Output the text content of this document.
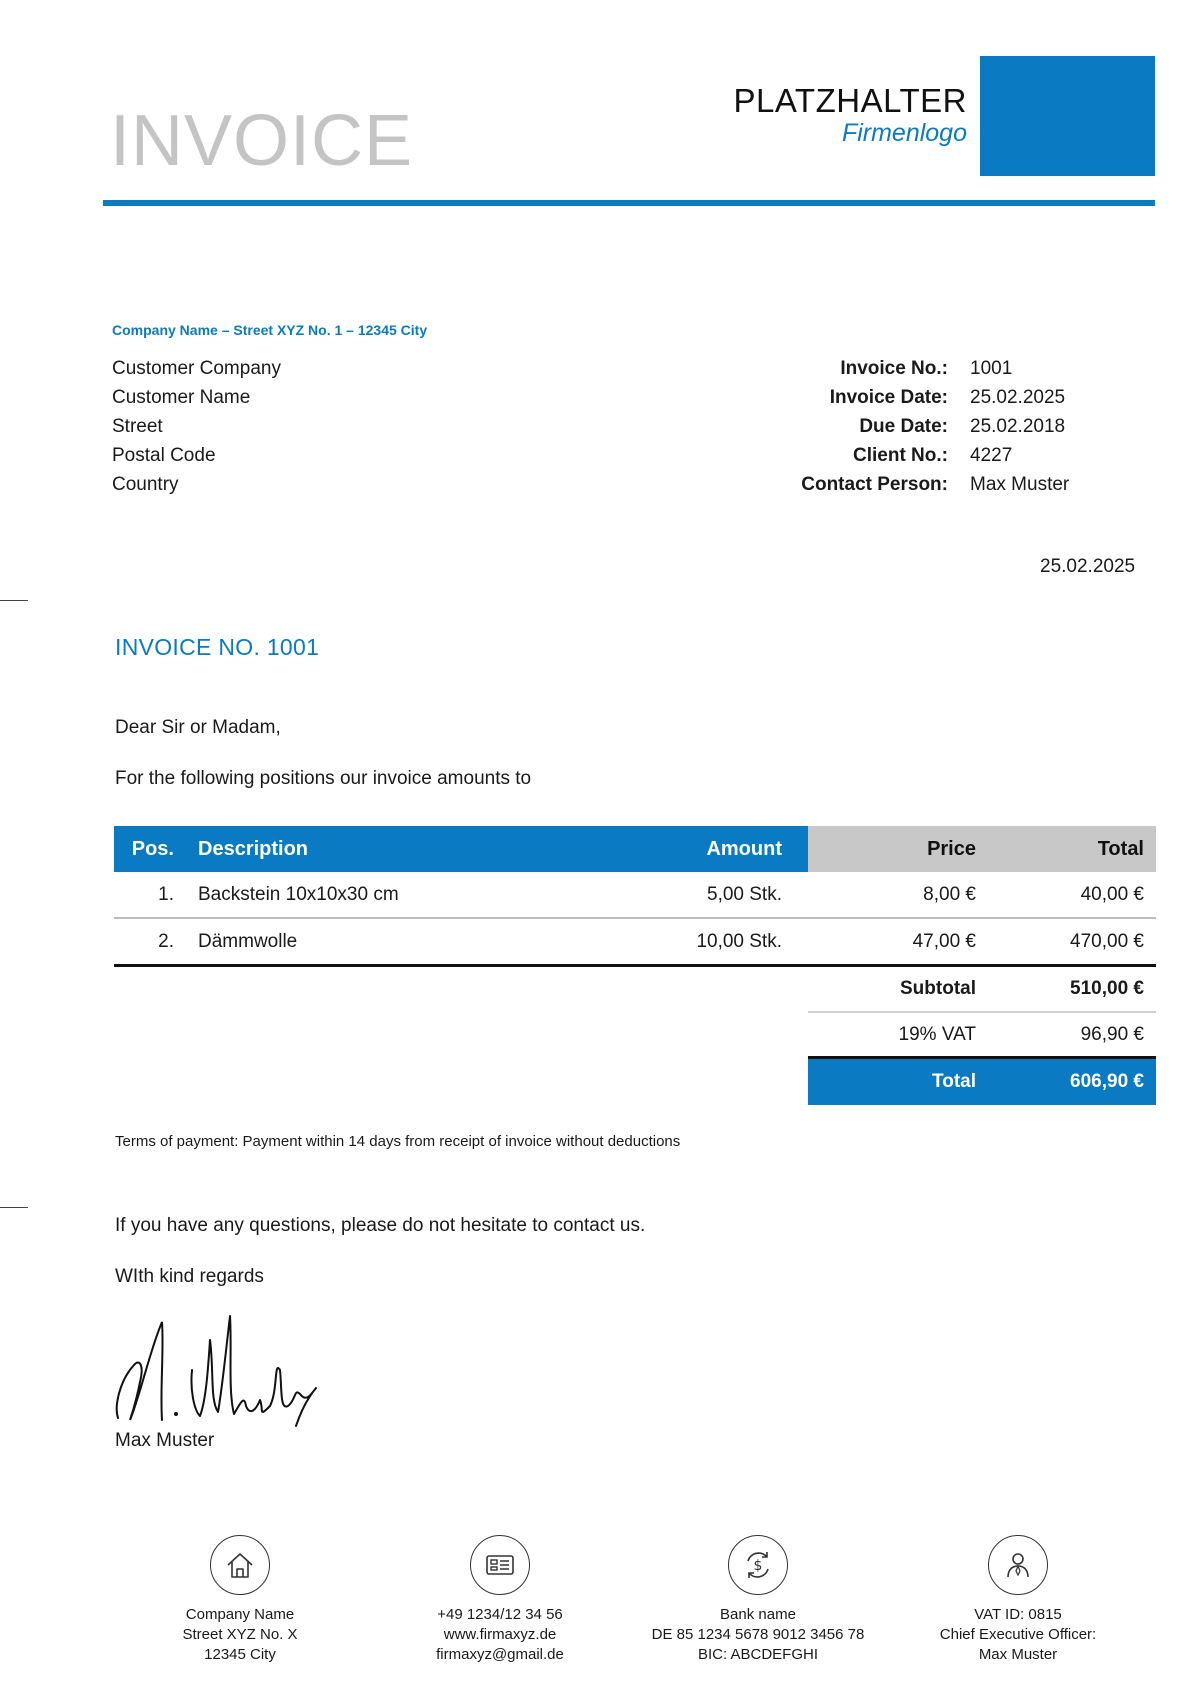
INVOICE
PLATZHALTER
Firmenlogo
Company Name – Street XYZ No. 1 – 12345 City
Customer Company
Customer Name
Street
Postal Code
Country
Invoice No.:	1001
Invoice Date:	25.02.2025
Due Date:	25.02.2018
Client No.:	4227
Contact Person:	Max Muster
25.02.2025
INVOICE NO. 1001
Dear Sir or Madam,
For the following positions our invoice amounts to
Pos.	Description	Amount	Price	Total
1.	Backstein 10x10x30 cm	5,00 Stk.	8,00 €	40,00 €
2.	Dämmwolle	10,00 Stk.	47,00 €	470,00 €
Subtotal	510,00 €
19% VAT	96,90 €
Total	606,90 €
Terms of payment: Payment within 14 days from receipt of invoice without deductions
If you have any questions, please do not hesitate to contact us.
WIth kind regards
Max Muster
Company Name
Street XYZ No. X
12345 City
+49 1234/12 34 56
www.firmaxyz.de
firmaxyz@gmail.de
$
Bank name
DE 85 1234 5678 9012 3456 78
BIC: ABCDEFGHI
VAT ID: 0815
Chief Executive Officer:
Max Muster
